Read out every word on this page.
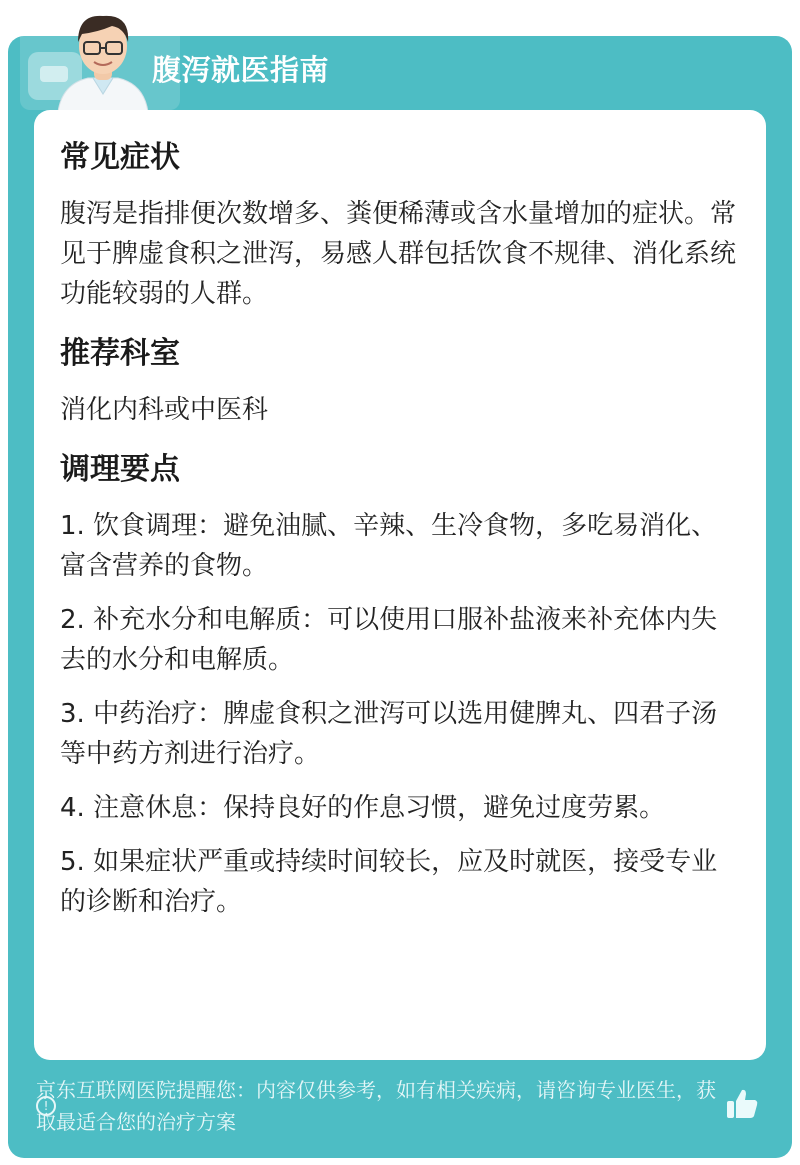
腹泻就医指南
常见症状
腹泻是指排便次数增多、粪便稀薄或含水量增加的症状。常见于脾虚食积之泄泻，易感人群包括饮食不规律、消化系统功能较弱的人群。
推荐科室
消化内科或中医科
调理要点
1. 饮食调理：避免油腻、辛辣、生冷食物，多吃易消化、富含营养的食物。
2. 补充水分和电解质：可以使用口服补盐液来补充体内失去的水分和电解质。
3. 中药治疗：脾虚食积之泄泻可以选用健脾丸、四君子汤等中药方剂进行治疗。
4. 注意休息：保持良好的作息习惯，避免过度劳累。
5. 如果症状严重或持续时间较长，应及时就医，接受专业的诊断和治疗。
!
京东互联网医院提醒您：内容仅供参考，如有相关疾病，请咨询专业医生，获取最适合您的治疗方案
